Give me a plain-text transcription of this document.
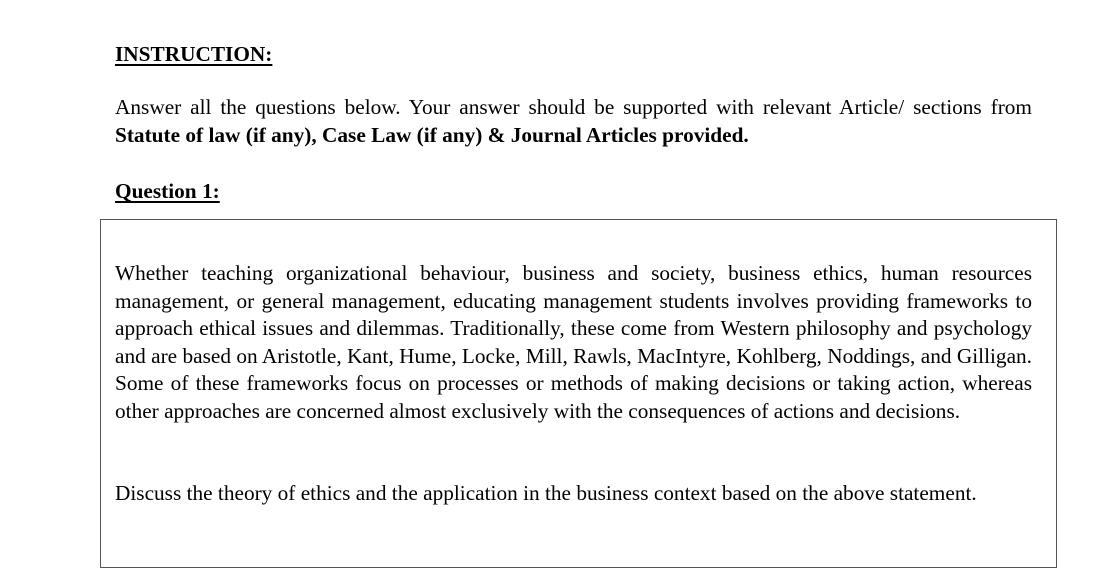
INSTRUCTION:

Answer all the questions below. Your answer should be supported with relevant Article/ sections from Statute of law (if any), Case Law (if any) & Journal Articles provided.

Question 1:

Whether teaching organizational behaviour, business and society, business ethics, human resources management, or general management, educating management students involves providing frameworks to approach ethical issues and dilemmas. Traditionally, these come from Western philosophy and psychology and are based on Aristotle, Kant, Hume, Locke, Mill, Rawls, MacIntyre, Kohlberg, Noddings, and Gilligan. Some of these frameworks focus on processes or methods of making decisions or taking action, whereas other approaches are concerned almost exclusively with the consequences of actions and decisions.

Discuss the theory of ethics and the application in the business context based on the above statement.
